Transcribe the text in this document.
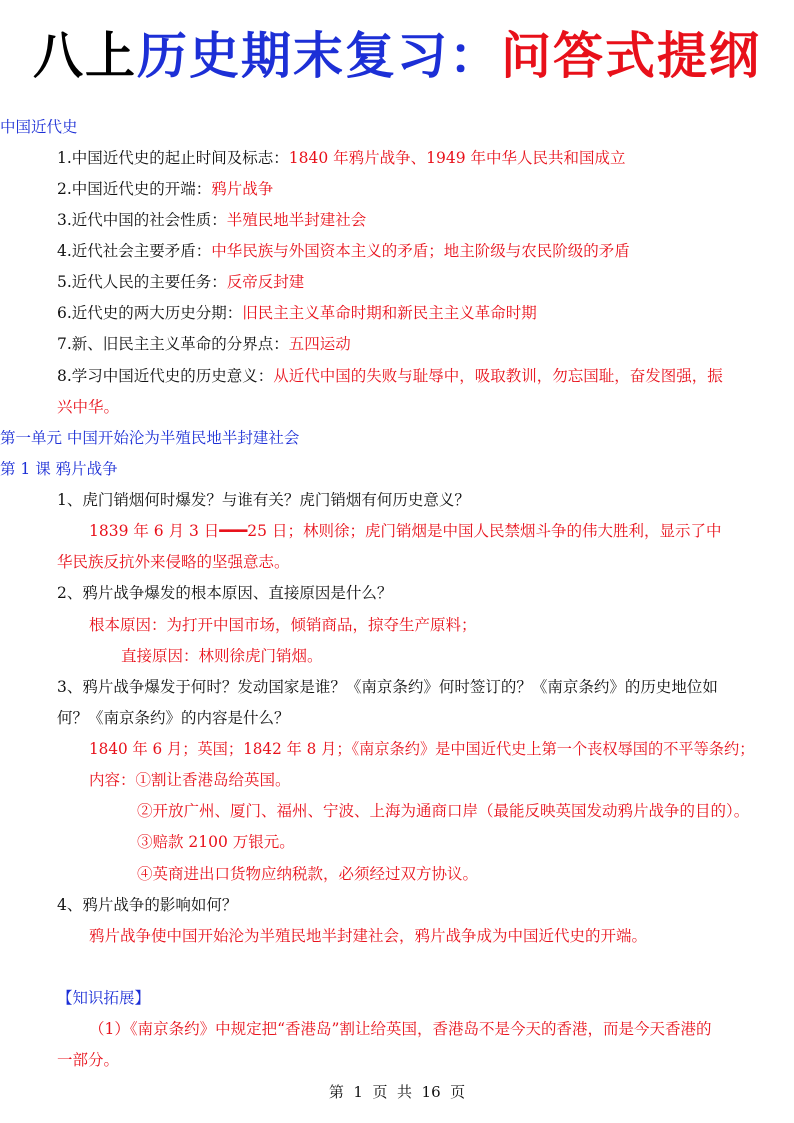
八上历史期末复习：问答式提纲
中国近代史
1.中国近代史的起止时间及标志：1840 年鸦片战争、1949 年中华人民共和国成立
2.中国近代史的开端：鸦片战争
3.近代中国的社会性质：半殖民地半封建社会
4.近代社会主要矛盾：中华民族与外国资本主义的矛盾；地主阶级与农民阶级的矛盾
5.近代人民的主要任务：反帝反封建
6.近代史的两大历史分期：旧民主主义革命时期和新民主主义革命时期
7.新、旧民主主义革命的分界点：五四运动
8.学习中国近代史的历史意义：从近代中国的失败与耻辱中，吸取教训，勿忘国耻，奋发图强，振
兴中华。
第一单元 中国开始沦为半殖民地半封建社会
第 1 课 鸦片战争
1、虎门销烟何时爆发？与谁有关？虎门销烟有何历史意义？
1839 年 6 月 3 日━━━25 日；林则徐；虎门销烟是中国人民禁烟斗争的伟大胜利，显示了中
华民族反抗外来侵略的坚强意志。
2、鸦片战争爆发的根本原因、直接原因是什么？
根本原因：为打开中国市场，倾销商品，掠夺生产原料；
直接原因：林则徐虎门销烟。
3、鸦片战争爆发于何时？发动国家是谁？《南京条约》何时签订的？《南京条约》的历史地位如
何？《南京条约》的内容是什么？
1840 年 6 月；英国；1842 年 8 月；《南京条约》是中国近代史上第一个丧权辱国的不平等条约；
内容：①割让香港岛给英国。
②开放广州、厦门、福州、宁波、上海为通商口岸（最能反映英国发动鸦片战争的目的）。
③赔款 2100 万银元。
④英商进出口货物应纳税款，必须经过双方协议。
4、鸦片战争的影响如何？
鸦片战争使中国开始沦为半殖民地半封建社会，鸦片战争成为中国近代史的开端。
【知识拓展】
（1）《南京条约》中规定把“香港岛”割让给英国，香港岛不是今天的香港，而是今天香港的
一部分。
第  1  页  共  16  页
